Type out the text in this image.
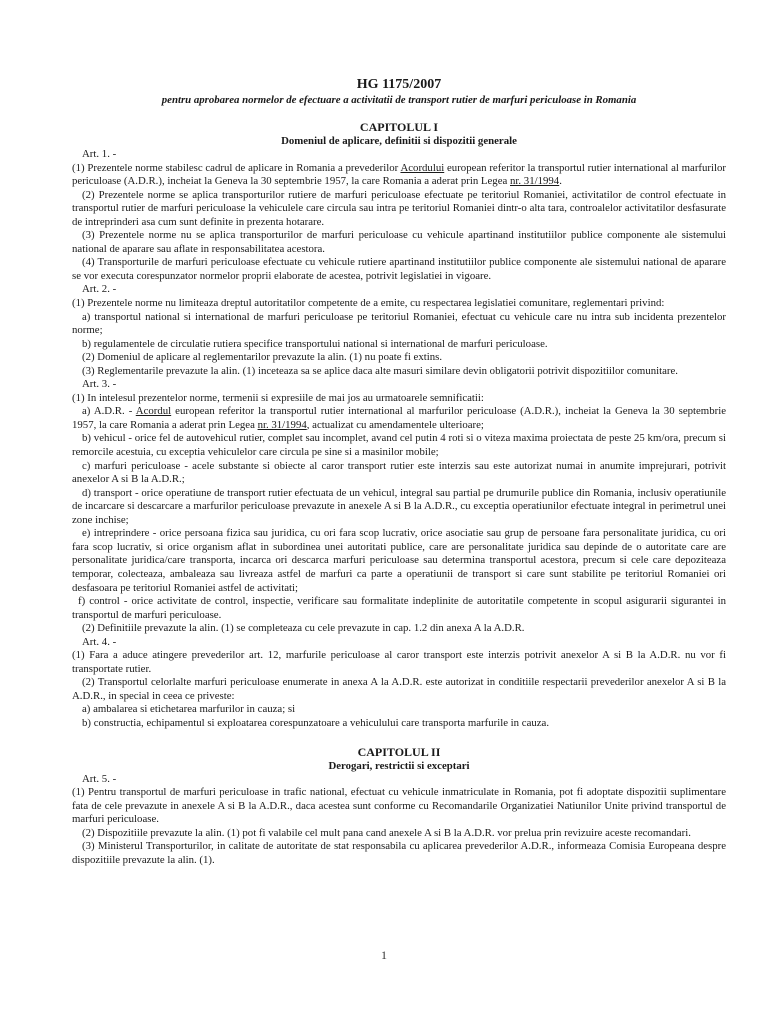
HG 1175/2007
pentru aprobarea normelor de efectuare a activitatii de transport rutier de marfuri periculoase in Romania
CAPITOLUL I
Domeniul de aplicare, definitii si dispozitii generale
Art. 1. -

(1) Prezentele norme stabilesc cadrul de aplicare in Romania a prevederilor Acordului european referitor la transportul rutier international al marfurilor periculoase (A.D.R.), incheiat la Geneva la 30 septembrie 1957, la care Romania a aderat prin Legea nr. 31/1994.

(2) Prezentele norme se aplica transporturilor rutiere de marfuri periculoase efectuate pe teritoriul Romaniei, activitatilor de control efectuate in transportul rutier de marfuri periculoase la vehiculele care circula sau intra pe teritoriul Romaniei dintr-o alta tara, controalelor activitatilor desfasurate de intreprinderi asa cum sunt definite in prezenta hotarare.

(3) Prezentele norme nu se aplica transporturilor de marfuri periculoase cu vehicule apartinand institutiilor publice componente ale sistemului national de aparare sau aflate in responsabilitatea acestora.

(4) Transporturile de marfuri periculoase efectuate cu vehicule rutiere apartinand institutiilor publice componente ale sistemului national de aparare se vor executa corespunzator normelor proprii elaborate de acestea, potrivit legislatiei in vigoare.

Art. 2. -

(1) Prezentele norme nu limiteaza dreptul autoritatilor competente de a emite, cu respectarea legislatiei comunitare, reglementari privind:

a) transportul national si international de marfuri periculoase pe teritoriul Romaniei, efectuat cu vehicule care nu intra sub incidenta prezentelor norme;

b) regulamentele de circulatie rutiera specifice transportului national si international de marfuri periculoase.

(2) Domeniul de aplicare al reglementarilor prevazute la alin. (1) nu poate fi extins.

(3) Reglementarile prevazute la alin. (1) inceteaza sa se aplice daca alte masuri similare devin obligatorii potrivit dispozitiilor comunitare.

Art. 3. -

(1) In intelesul prezentelor norme, termenii si expresiile de mai jos au urmatoarele semnificatii:

a) A.D.R. - Acordul european referitor la transportul rutier international al marfurilor periculoase (A.D.R.), incheiat la Geneva la 30 septembrie 1957, la care Romania a aderat prin Legea nr. 31/1994, actualizat cu amendamentele ulterioare;

b) vehicul - orice fel de autovehicul rutier, complet sau incomplet, avand cel putin 4 roti si o viteza maxima proiectata de peste 25 km/ora, precum si remorcile acestuia, cu exceptia vehiculelor care circula pe sine si a masinilor mobile;

c) marfuri periculoase - acele substante si obiecte al caror transport rutier este interzis sau este autorizat numai in anumite imprejurari, potrivit anexelor A si B la A.D.R.;

d) transport - orice operatiune de transport rutier efectuata de un vehicul, integral sau partial pe drumurile publice din Romania, inclusiv operatiunile de incarcare si descarcare a marfurilor periculoase prevazute in anexele A si B la A.D.R., cu exceptia operatiunilor efectuate integral in perimetrul unei zone inchise;

e) intreprindere - orice persoana fizica sau juridica, cu ori fara scop lucrativ, orice asociatie sau grup de persoane fara personalitate juridica, cu ori fara scop lucrativ, si orice organism aflat in subordinea unei autoritati publice, care are personalitate juridica sau depinde de o autoritate care are personalitate juridica/care transporta, incarca ori descarca marfuri periculoase sau determina transportul acestora, precum si cele care depoziteaza temporar, colecteaza, ambaleaza sau livreaza astfel de marfuri ca parte a operatiunii de transport si care sunt stabilite pe teritoriul Romaniei ori desfasoara pe teritoriul Romaniei astfel de activitati;

f) control - orice activitate de control, inspectie, verificare sau formalitate indeplinite de autoritatile competente in scopul asigurarii sigurantei in transportul de marfuri periculoase.

(2) Definitiile prevazute la alin. (1) se completeaza cu cele prevazute in cap. 1.2 din anexa A la A.D.R.

Art. 4. -

(1) Fara a aduce atingere prevederilor art. 12, marfurile periculoase al caror transport este interzis potrivit anexelor A si B la A.D.R. nu vor fi transportate rutier.

(2) Transportul celorlalte marfuri periculoase enumerate in anexa A la A.D.R. este autorizat in conditiile respectarii prevederilor anexelor A si B la A.D.R., in special in ceea ce priveste:

a) ambalarea si etichetarea marfurilor in cauza; si

b) constructia, echipamentul si exploatarea corespunzatoare a vehiculului care transporta marfurile in cauza.

CAPITOLUL II
Derogari, restrictii si exceptari
Art. 5. -

(1) Pentru transportul de marfuri periculoase in trafic national, efectuat cu vehicule inmatriculate in Romania, pot fi adoptate dispozitii suplimentare fata de cele prevazute in anexele A si B la A.D.R., daca acestea sunt conforme cu Recomandarile Organizatiei Natiunilor Unite privind transportul de marfuri periculoase.

(2) Dispozitiile prevazute la alin. (1) pot fi valabile cel mult pana cand anexele A si B la A.D.R. vor prelua prin revizuire aceste recomandari.

(3) Ministerul Transporturilor, in calitate de autoritate de stat responsabila cu aplicarea prevederilor A.D.R., informeaza Comisia Europeana despre dispozitiile prevazute la alin. (1).

1
